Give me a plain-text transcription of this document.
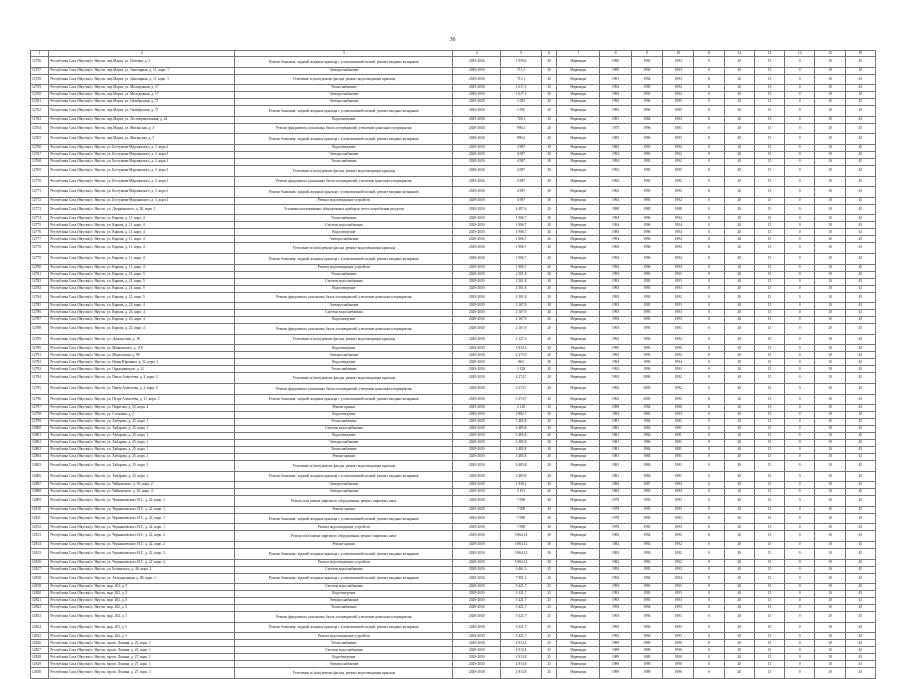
36
1	2	3	4	5	6	7	8	9	10	11	12	13	14	15	16
12756	Республика Саха (Якутия) г. Якутск, пер.Марха, ул. Полевая, д. 2	Ремонт балконов, лоджий, входных крыльца с установленной полкой, ремонт входных козырьков	2029-2030	1 959,6	20	Нерюнгри	1990	1993	1993	0	20	15	0	10	45
12757	Республика Саха (Якутия) г. Якутск, пер.Марха, ул. Заполярная, д. 11, корп. 1	Электроснабжение	2029-2030	713,1	20	Нерюнгри	1990	1994	1993	0	20	15	0	10	45
12758	Республика Саха (Якутия) г. Якутск, пер.Марха, ул. Заполярная, д. 11, корп. 1	Утепление и (или) ремонт фасада, ремонт водоотводящих крыльца	2029-2030	713,1	20	Нерюнгри	1991	1994	1993	0	20	15	0	10	45
12759	Республика Саха (Якутия) г. Якутск, пер.Марха, ул. Молодежная, д. 17	Теплоснабжение	2029-2030	1 617,1	20	Нерюнгри	1994	1995	1994	0	20	15	0	10	45
12760	Республика Саха (Якутия) г. Якутск, пер.Марха, ул. Молодежная, д. 17	Электроснабжение	2029-2030	1 617,1	20	Нерюнгри	1994	1995	1994	0	20	15	0	10	45
12761	Республика Саха (Якутия) г. Якутск, пер.Марха, ул. Октябрьская, д. 71	Электроснабжение	2029-2030	1 095	20	Нерюнгри	1995	1996	1995	0	20	15	0	10	45
12762	Республика Саха (Якутия) г. Якутск, пер.Марха, ул. Октябрьская, д. 71	Ремонт балконов, лоджий, входных крыльца с установленной полкой, ремонт входных козырьков	2029-2030	1 095	20	Нерюнгри	1995	1996	1995	0	20	15	0	10	45
12763	Республика Саха (Якутия) г. Якутск, пер.Марха, ул. Лесоперевалочная, д. 22	Водоотведение	2029-2030	728,3	20	Нерюнгри	1981	1984	1983	0	20	15	0	10	45
12764	Республика Саха (Якутия) г. Якутск, пер.Марха, ул. Жиганская, д. 3	Ремонт фундамента, цокольных балок и перекрытий, утепление цокольного перекрытия	2029-2030	990,2	20	Нерюнгри	1975	1996	1993	0	20	15	0	10	45
12765	Республика Саха (Якутия) г. Якутск, пер.Марха, ул. Жиганская, д. 3	Ремонт балконов, лоджий, входных крыльца с установленной полкой, ремонт входных козырьков	2029-2030	990,2	20	Нерюнгри	1983	1986	1993	0	20	15	0	10	45
12766	Республика Саха (Якутия) г. Якутск, ул. Бестужева-Марлинского, д. 3, корп.1	Водоотведение	2029-2030	4 987	30	Нерюнгри	1982	1993	1992	0	20	15	0	10	45
12767	Республика Саха (Якутия) г. Якутск, ул. Бестужева-Марлинского, д. 3, корп.1	Электроснабжение	2029-2030	4 987	30	Нерюнгри	1992	1993	1992	0	20	15	0	10	45
12768	Республика Саха (Якутия) г. Якутск, ул. Бестужева-Марлинского, д. 3, корп.1	Теплоснабжение	2029-2030	4 987	30	Нерюнгри	1992	1993	1992	0	20	15	0	10	45
12769	Республика Саха (Якутия) г. Якутск, ул. Бестужева-Марлинского, д. 3, корп.1	Утепление и (или) ремонт фасада, ремонт водоотводящих крыльца	2029-2030	4 987	30	Нерюнгри	1992	1993	1995	0	20	15	0	10	45
12770	Республика Саха (Якутия) г. Якутск, ул. Бестужева-Марлинского, д. 3, корп.1	Ремонт фундамента, цокольных балок и перекрытий, утепление цокольного перекрытия	2029-2030	4 987	30	Нерюнгри	1992	1993	1992	0	20	15	0	10	45
12771	Республика Саха (Якутия) г. Якутск, ул. Бестужева-Марлинского, д. 3, корп.1	Ремонт балконов, лоджий, входных крыльца с установленной полкой, ремонт входных козырьков	2029-2030	4 987	30	Нерюнгри	1992	1993	1992	0	20	15	0	10	45
12772	Республика Саха (Якутия) г. Якутск, ул. Бестужева-Марлинского, д. 3, корп.1	Ремонт водоотводящих устройств	2029-2030	4 987	30	Нерюнгри	1992	1993	1992	0	20	15	0	10	45
12773	Республика Саха (Якутия) г. Якутск, ул. Дзержинского, д. 26, корп. 1	Установка коллективных общедомовых приборов учета потребления ресурсов	2029-2030	4 497,6	20	Нерюнгри	1988	1989	1988	0	20	15	0	10	45
12774	Республика Саха (Якутия) г. Якутск, ул. Кирова, д. 11, корп. 4	Теплоснабжение	2029-2030	1 906,7	20	Нерюнгри	1994	1996	1994	0	20	15	0	10	45
12775	Республика Саха (Якутия) г. Якутск, ул. Кирова, д. 11, корп. 4	Система водоснабжения	2029-2030	1 906,7	20	Нерюнгри	1994	1996	1994	0	20	15	0	10	45
12776	Республика Саха (Якутия) г. Якутск, ул. Кирова, д. 11, корп. 4	Водоотведение	2029-2030	1 906,7	20	Нерюнгри	1984	1996	1994	0	20	15	0	10	45
12777	Республика Саха (Якутия) г. Якутск, ул. Кирова, д. 11, корп. 4	Электроснабжение	2029-2030	1 906,7	20	Нерюнгри	1994	1996	1994	0	20	15	0	10	45
12778	Республика Саха (Якутия) г. Якутск, ул. Кирова, д. 11, корп. 4	Утепление и (или) ремонт фасада, ремонт водоотводящих крыльца	2029-2030	1 906,7	20	Нерюнгри	1994	1996	1994	0	20	15	0	10	45
12779	Республика Саха (Якутия) г. Якутск, ул. Кирова, д. 11, корп. 4	Ремонт балконов, лоджий, входных крыльца с установленной полкой, ремонт входных козырьков	2029-2030	1 906,7	20	Нерюнгри	1994	1996	1994	0	20	15	0	10	45
12780	Республика Саха (Якутия) г. Якутск, ул. Кирова, д. 11, корп. 4	Ремонт водоотводящих устройств	2029-2030	1 906,7	20	Нерюнгри	1994	1996	1994	0	20	15	0	10	45
12781	Республика Саха (Якутия) г. Якутск, ул. Кирова, д. 21, корп. 5	Теплоснабжение	2029-2030	2 501,8	20	Нерюнгри	1993	1993	1993	0	20	15	0	10	45
12782	Республика Саха (Якутия) г. Якутск, ул. Кирова, д. 21, корп. 5	Система водоснабжения	2029-2030	2 501,8	20	Нерюнгри	1993	1993	1993	0	20	15	0	10	45
12783	Республика Саха (Якутия) г. Якутск, ул. Кирова, д. 21, корп. 5	Водоотведение	2029-2030	2 501,8	20	Нерюнгри	1993	1993	1993	0	20	15	0	10	45
12784	Республика Саха (Якутия) г. Якутск, ул. Кирова, д. 21, корп. 5	Ремонт фундамента, цокольных балок и перекрытий, утепление цокольного перекрытия	2029-2030	2 501,8	20	Нерюнгри	1993	1993	1993	0	20	15	0	10	45
12785	Республика Саха (Якутия) г. Якутск, ул. Кирова, д. 23, корп. 4	Электроснабжение	2029-2030	2 167,9	20	Нерюнгри	1993	1995	1993	0	20	15	0	10	45
12786	Республика Саха (Якутия) г. Якутск, ул. Кирова, д. 23, корп. 4	Система водоснабжения	2029-2030	2 167,9	20	Нерюнгри	1993	1995	1993	0	20	15	0	10	45
12787	Республика Саха (Якутия) г. Якутск, ул. Кирова, д. 23, корп. 4	Водоотведение	2029-2030	2 167,9	20	Нерюнгри	1993	1995	1993	0	20	15	0	10	45
12788	Республика Саха (Якутия) г. Якутск, ул. Кирова, д. 23, корп. 4	Ремонт фундамента, цокольных балок и перекрытий, утепление цокольного перекрытия	2029-2030	2 167,9	20	Нерюнгри	1993	1995	1993	0	20	15	0	10	45
12789	Республика Саха (Якутия) г. Якутск, ул. Ломоносова, д. 18	Утепление и (или) ремонт фасада, ремонт водоотводящих крыльца	2029-2030	2 127,3	20	Нерюнгри	1992	1994	1992	0	20	15	0	10	45
12790	Республика Саха (Якутия) г. Якутск, ул. Маяковского, д. 118	Водоотведение	2029-2030	3 810,3	20	Вилюйск	1990	1993	1990	0	20	15	0	10	45
12791	Республика Саха (Якутия) г. Якутск, ул. Мерзлотная, д. 96	Электроснабжение	2029-2030	2 273,9	20	Нерюнгри	1993	1993	1994	0	20	15	0	10	45
12792	Республика Саха (Якутия) г. Якутск, ул. Нины Юрьевны, д. 22, корп. 2	Водоотведение	2029-2030	863	20	Нерюнгри	1994	1994	1994	0	20	15	0	10	45
12793	Республика Саха (Якутия) г. Якутск, ул. Орджоникидзе, д. 21	Теплоснабжение	2029-2030	3 128	20	Нерюнгри	1992	1996	1993	0	20	15	0	10	45
12794	Республика Саха (Якутия) г. Якутск, ул. Павла Алексеева, д. 2, корп. 3	Утепление и (или) ремонт фасада, ремонт водоотводящих крыльца	2029-2030	4 274,7	20	Нерюнгри	1992	2006	1992	0	20	15	0	10	45
12795	Республика Саха (Якутия) г. Якутск, ул. Павла Алексеева, д. 2, корп. 5	Ремонт фундамента, цокольных балок и перекрытий, утепление цокольного перекрытия	2029-2030	5 274,7	20	Нерюнгри	1992	2005	1992	0	20	15	0	10	45
12796	Республика Саха (Якутия) г. Якутск, ул. Петра Алексеева, д. 11, корп. 5	Ремонт балконов, лоджий, входных крыльца с установленной полкой, ремонт входных козырьков	2029-2030	5 374,7	20	Нерюнгри	1992	2005	1992	0	20	15	0	10	45
12797	Республика Саха (Якутия) г. Якутск, ул. Пирогова, д. 25, корп. 2	Ремонт крыши	2029-2030	2 128	20	Нерюнгри	1988	1992	1988	0	20	15	0	10	45
12798	Республика Саха (Якутия) г. Якутск, ул. Сосновая, д. 2	Водоотведение	2029-2030	2 882,7	20	Нерюнгри	1983	1985	1983	0	20	15	0	10	45
12799	Республика Саха (Якутия) г. Якутск, ул. Хабарова, д. 25, корп. 1	Теплоснабжение	2029-2030	3 485,8	20	Нерюнгри	1981	1984	1981	0	20	15	0	10	45
12800	Республика Саха (Якутия) г. Якутск, ул. Хабарова, д. 25, корп. 1	Система водоснабжения	2029-2030	3 485,8	20	Нерюнгри	1981	1984	1981	0	20	15	0	10	45
12801	Республика Саха (Якутия) г. Якутск, ул. Хабарова, д. 25, корп. 1	Водоотведение	2029-2030	3 485,8	20	Нерюнгри	1981	1984	1981	0	20	15	0	10	45
12802	Республика Саха (Якутия) г. Якутск, ул. Хабарова, д. 25, корп. 1	Электроснабжение	2029-2030	3 485,8	20	Нерюнгри	1981	1984	1981	0	20	15	0	10	45
12803	Республика Саха (Якутия) г. Якутск, ул. Хабарова, д. 25, корп. 1	Теплоснабжение	2029-2030	3 485,8	20	Нерюнгри	1981	1984	1981	0	20	15	0	10	45
12804	Республика Саха (Якутия) г. Якутск, ул. Хабарова, д. 25, корп. 1	Ремонт крыши	2029-2030	3 485,8	20	Нерюнгри	1981	1984	1981	0	20	15	0	10	45
12805	Республика Саха (Якутия) г. Якутск, ул. Хабарова, д. 25, корп. 1	Утепление и (или) ремонт фасада, ремонт водоотводящих крыльца	2029-2030	3 485,8	20	Нерюнгри	1981	1984	1981	0	20	15	0	10	45
12806	Республика Саха (Якутия) г. Якутск, ул. Хабарова, д. 25, корп. 1	Ремонт балконов, лоджий, входных крыльца с установленной полкой, ремонт входных козырьков	2029-2030	3 485,8	20	Нерюнгри	1981	1984	1981	0	20	15	0	10	45
12807	Республика Саха (Якутия) г. Якутск, ул. Чайковского, д. 30, корп. 2	Электроснабжение	2029-2030	1 938,2	20	Нерюнгри	1984	1987	1984	0	20	15	0	10	45
12808	Республика Саха (Якутия) г. Якутск, ул. Чайковского, д. 30, корп. 4	Электроснабжение	2029-2030	3 101	20	Нерюнгри	1984	1985	1984	0	20	15	0	10	45
12809	Республика Саха (Якутия) г. Якутск, ул. Чернышевского Н.Г., д. 22, корп. 1	Ремонт или замена лифтового оборудования, ремонт лифтовых шахт	2029-2030	7 098	30	Нерюнгри	1978	1993	1993	0	20	15	0	10	45
12810	Республика Саха (Якутия) г. Якутск, ул. Чернышевского Н.Г., д. 22, корп. 1	Ремонт крыши	2029-2030	7 098	30	Нерюнгри	1978	1993	1993	0	20	15	0	10	45
12811	Республика Саха (Якутия) г. Якутск, ул. Чернышевского Н.Г., д. 22, корп. 1	Ремонт балконов, лоджий, входных крыльца с установленной полкой, ремонт входных козырьков	2029-2030	7 098	30	Нерюнгри	1978	1993	1993	0	20	15	0	10	45
12812	Республика Саха (Якутия) г. Якутск, ул. Чернышевского Н.Г., д. 22, корп. 1	Ремонт водоотводящих устройств	2029-2030	7 098	30	Нерюнгри	1978	1993	1993	0	20	15	0	10	45
12813	Республика Саха (Якутия) г. Якутск, ул. Чернышевского Н.Г., д. 22, корп. 2	Ремонт или замена лифтового оборудования, ремонт лифтовых шахт	2029-2030	5 864,12	30	Нерюнгри	1982	1992	1992	0	20	15	0	10	45
12814	Республика Саха (Якутия) г. Якутск, ул. Чернышевского Н.Г., д. 22, корп. 2	Ремонт крыши	2029-2030	5 864,12	30	Нерюнгри	1982	1992	1992	0	20	15	0	10	45
12815	Республика Саха (Якутия) г. Якутск, ул. Чернышевского Н.Г., д. 22, корп. 2	Ремонт балконов, лоджий, входных крыльца с установленной полкой, ремонт входных козырьков	2029-2030	5 864,12	30	Нерюнгри	1982	1992	1992	0	20	15	0	10	45
12816	Республика Саха (Якутия) г. Якутск, ул. Чернышевского Н.Г., д. 22, корп. 2	Ремонт водоотводящих устройств	2029-2030	5 864,12	30	Нерюнгри	1982	1992	1992	0	20	15	0	10	45
12817	Республика Саха (Якутия) г. Якутск, ул. Белинского, д. 46, корп. 3	Система водоснабжения	2029-2030	3 461,3	25	Нерюнгри	1993	1993	1993	0	20	15	0	10	45
12818	Республика Саха (Якутия) г. Якутск, ул. Автодорожная, д. 80, корп. 1	Ремонт балконов, лоджий, входных крыльца с установленной полкой, ремонт входных козырьков	2029-2030	7 991,3	20	Нерюнгри	1994	1994	1994	0	20	15	0	10	45
12819	Республика Саха (Якутия) г. Якутск, мкр. 202, д. 5	Система водоснабжения	2029-2030	5 421,7	25	Нерюнгри	1993	1993	1993	0	20	15	0	10	45
12820	Республика Саха (Якутия) г. Якутск, мкр. 202, д. 5	Водоотведение	2029-2030	5 421,7	25	Нерюнгри	1993	1993	1993	0	20	15	0	10	45
12821	Республика Саха (Якутия) г. Якутск, мкр. 202, д. 5	Электроснабжение	2029-2030	5 421,7	25	Нерюнгри	1993	1993	1993	0	20	15	0	10	45
12822	Республика Саха (Якутия) г. Якутск, мкр. 202, д. 5	Теплоснабжение	2029-2030	5 421,7	25	Нерюнгри	1993	1994	1993	0	20	15	0	10	45
12823	Республика Саха (Якутия) г. Якутск, мкр. 202, д. 5	Ремонт фундамента, цокольных балок и перекрытий, утепление цокольного перекрытия	2029-2030	5 421,7	25	Нерюнгри	1993	1994	1993	0	20	15	0	10	45
12824	Республика Саха (Якутия) г. Якутск, мкр. 202, д. 5	Ремонт балконов, лоджий, входных крыльца с установленной полкой, ремонт входных козырьков	2029-2030	5 421,7	25	Нерюнгри	1993	1994	1993	0	20	15	0	10	45
12825	Республика Саха (Якутия) г. Якутск, мкр. 202, д. 5	Ремонт водоотводящих устройств	2029-2030	5 421,7	25	Нерюнгри	1993	1994	1993	0	20	15	0	10	45
12826	Республика Саха (Якутия) г. Якутск, просп. Ленина, д. 23, корп. 1	Теплоснабжение	2029-2030	2 912,4	25	Нерюнгри	1989	1989	1990	0	20	15	0	10	45
12827	Республика Саха (Якутия) г. Якутск, просп. Ленина, д. 23, корп. 1	Система водоснабжения	2029-2030	2 912,4	25	Нерюнгри	1989	1989	1990	0	20	15	0	10	45
12828	Республика Саха (Якутия) г. Якутск, просп. Ленина, д. 27, корп. 1	Водоотведение	2029-2030	2 913,8	25	Нерюнгри	1989	1989	1990	0	20	15	0	10	45
12829	Республика Саха (Якутия) г. Якутск, просп. Ленина, д. 27, корп. 1	Электроснабжение	2029-2030	2 913,8	25	Нерюнгри	1989	1989	1990	0	20	15	0	10	45
12830	Республика Саха (Якутия) г. Якутск, просп. Ленина, д. 27, корп. 1	Утепление и (или) ремонт фасада, ремонт водоотводящих крыльца	2029-2030	2 913,8	25	Нерюнгри	1989	1989	1990	0	20	15	0	10	45
